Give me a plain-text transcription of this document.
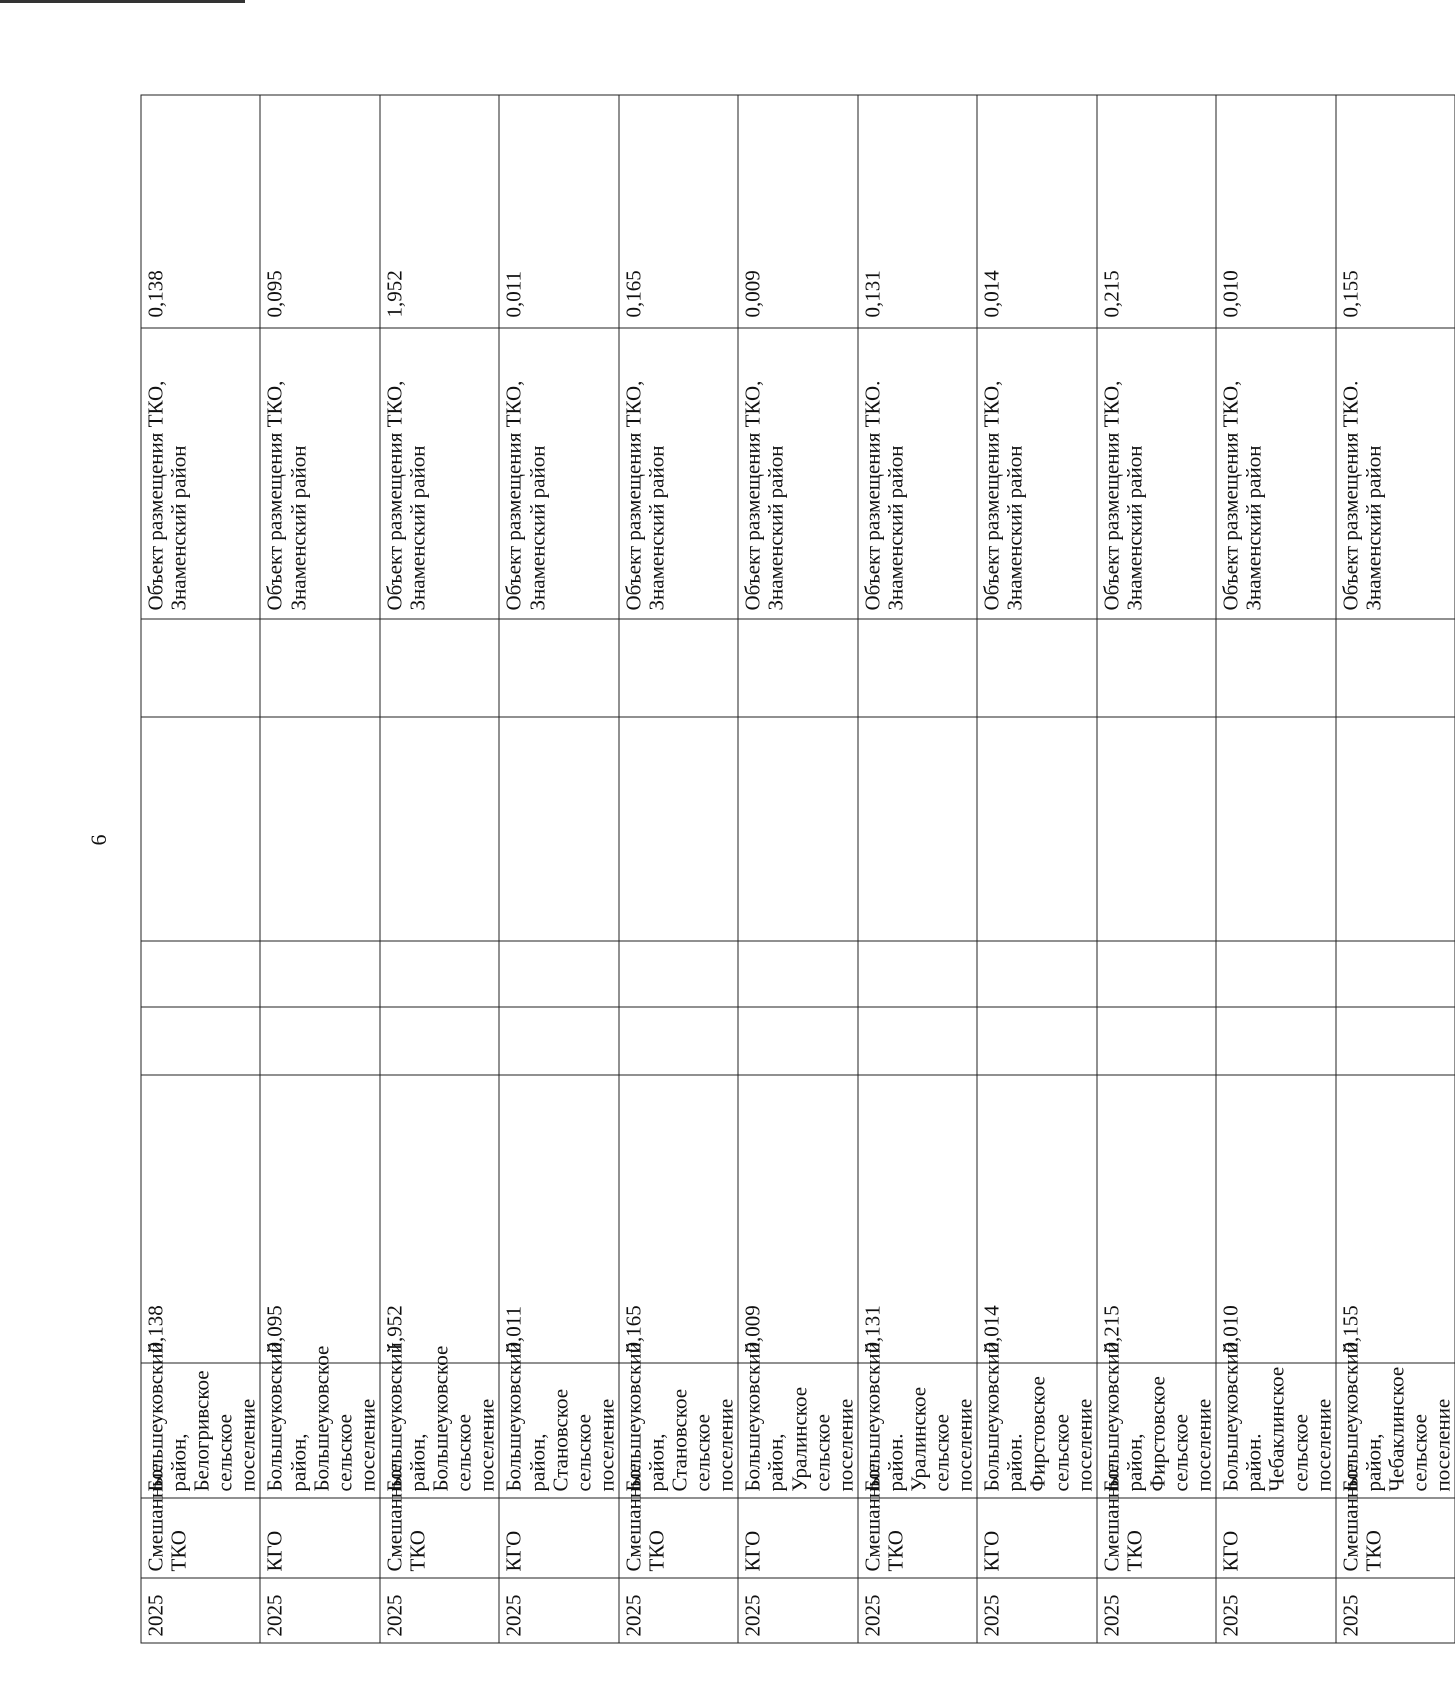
6
2025	Смешанные ТКО	Большеуковский район, Белогривское сельское поселение	0,138					Объект размещения ТКО, Знаменский район	0,138
2025	КГО	Большеуковский район, Большеуковское сельское поселение	0,095					Объект размещения ТКО, Знаменский район	0,095
2025	Смешанные ТКО	Большеуковский район, Большеуковское сельское поселение	1,952					Объект размещения ТКО, Знаменский район	1,952
2025	КГО	Большеуковский район, Становское сельское поселение	0,011					Объект размещения ТКО, Знаменский район	0,011
2025	Смешанные ТКО	Большеуковский район, Становское сельское поселение	0,165					Объект размещения ТКО, Знаменский район	0,165
2025	КГО	Большеуковский район, Уралинское сельское поселение	0,009					Объект размещения ТКО, Знаменский район	0,009
2025	Смешанные ТКО	Большеуковский район. Уралинское сельское поселение	0,131					Объект размещения ТКО. Знаменский район	0,131
2025	КГО	Большеуковский район. Фирстовское сельское поселение	0,014					Объект размещения ТКО, Знаменский район	0,014
2025	Смешанные ТКО	Большеуковский район, Фирстовское сельское поселение	0,215					Объект размещения ТКО, Знаменский район	0,215
2025	КГО	Большеуковский район. Чебаклинское сельское поселение	0,010					Объект размещения ТКО, Знаменский район	0,010
2025	Смешанные ТКО	Большеуковский район, Чебаклинское сельское поселение	0,155					Объект размещения ТКО. Знаменский район	0,155
